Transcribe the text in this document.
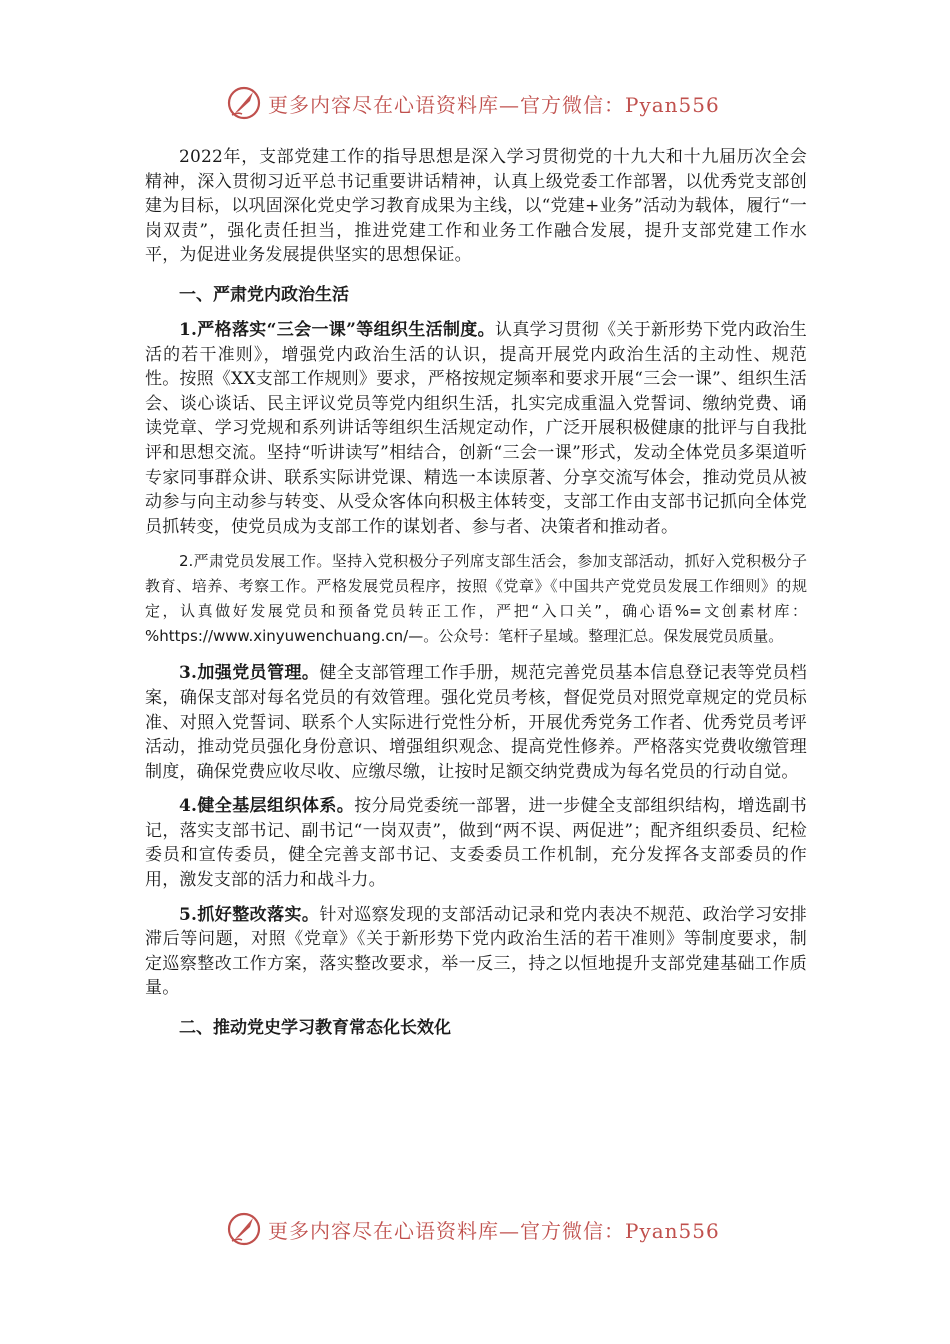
更多内容尽在心语资料库—官方微信：Pyan556

2022年，支部党建工作的指导思想是深入学习贯彻党的十九大和十九届历次全会精神，深入贯彻习近平总书记重要讲话精神，认真上级党委工作部署，以优秀党支部创建为目标，以巩固深化党史学习教育成果为主线，以“党建+业务”活动为载体，履行“一岗双责”，强化责任担当，推进党建工作和业务工作融合发展，提升支部党建工作水平，为促进业务发展提供坚实的思想保证。

一、严肃党内政治生活

1.严格落实“三会一课”等组织生活制度。认真学习贯彻《关于新形势下党内政治生活的若干准则》，增强党内政治生活的认识，提高开展党内政治生活的主动性、规范性。按照《XX支部工作规则》要求，严格按规定频率和要求开展“三会一课”、组织生活会、谈心谈话、民主评议党员等党内组织生活，扎实完成重温入党誓词、缴纳党费、诵读党章、学习党规和系列讲话等组织生活规定动作，广泛开展积极健康的批评与自我批评和思想交流。坚持“听讲读写”相结合，创新“三会一课”形式，发动全体党员多渠道听专家同事群众讲、联系实际讲党课、精选一本读原著、分享交流写体会，推动党员从被动参与向主动参与转变、从受众客体向积极主体转变，支部工作由支部书记抓向全体党员抓转变，使党员成为支部工作的谋划者、参与者、决策者和推动者。

2.严肃党员发展工作。坚持入党积极分子列席支部生活会，参加支部活动，抓好入党积极分子教育、培养、考察工作。严格发展党员程序，按照《党章》《中国共产党党员发展工作细则》的规定，认真做好发展党员和预备党员转正工作，严把“入口关”，确心语%=文创素材库：%https://www.xinyuwenchuang.cn/—。公众号：笔杆子星域。整理汇总。保发展党员质量。

3.加强党员管理。健全支部管理工作手册，规范完善党员基本信息登记表等党员档案，确保支部对每名党员的有效管理。强化党员考核，督促党员对照党章规定的党员标准、对照入党誓词、联系个人实际进行党性分析，开展优秀党务工作者、优秀党员考评活动，推动党员强化身份意识、增强组织观念、提高党性修养。严格落实党费收缴管理制度，确保党费应收尽收、应缴尽缴，让按时足额交纳党费成为每名党员的行动自觉。

4.健全基层组织体系。按分局党委统一部署，进一步健全支部组织结构，增选副书记，落实支部书记、副书记“一岗双责”，做到“两不误、两促进”；配齐组织委员、纪检委员和宣传委员，健全完善支部书记、支委委员工作机制，充分发挥各支部委员的作用，激发支部的活力和战斗力。

5.抓好整改落实。针对巡察发现的支部活动记录和党内表决不规范、政治学习安排滞后等问题，对照《党章》《关于新形势下党内政治生活的若干准则》等制度要求，制定巡察整改工作方案，落实整改要求，举一反三，持之以恒地提升支部党建基础工作质量。

二、推动党史学习教育常态化长效化

更多内容尽在心语资料库—官方微信：Pyan556
